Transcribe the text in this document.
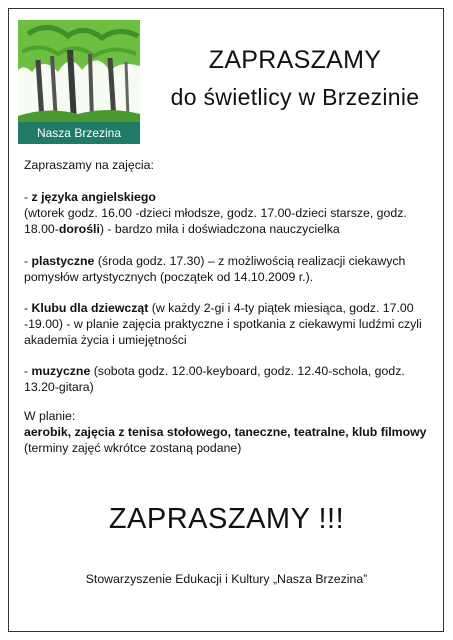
Nasza Brzezina
ZAPRASZAMY
do świetlicy w Brzezinie
Zapraszamy na zajęcia:
- z języka angielskiego
(wtorek godz. 16.00 -dzieci młodsze, godz. 17.00-dzieci starsze, godz. 18.00-dorośli) - bardzo miła i doświadczona nauczycielka
- plastyczne (środa godz. 17.30) – z możliwością realizacji ciekawych pomysłów artystycznych (początek od 14.10.2009 r.).
- Klubu dla dziewcząt (w każdy 2-gi i 4-ty piątek miesiąca, godz. 17.00 -19.00) - w planie zajęcia praktyczne i spotkania z ciekawymi ludźmi czyli akademia życia i umiejętności
- muzyczne (sobota godz. 12.00-keyboard, godz. 12.40-schola, godz. 13.20-gitara)
W planie:
aerobik, zajęcia z tenisa stołowego, taneczne, teatralne, klub filmowy (terminy zajęć wkrótce zostaną podane)
ZAPRASZAMY !!!
Stowarzyszenie Edukacji i Kultury „Nasza Brzezina”
